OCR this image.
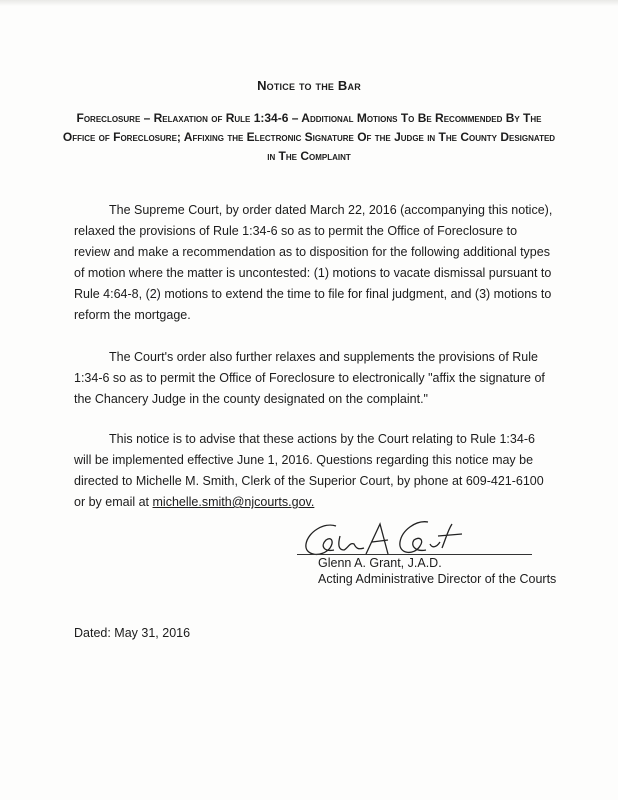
Notice to the Bar
Foreclosure – Relaxation of Rule 1:34-6 – Additional Motions To Be Recommended By The Office of Foreclosure; Affixing the Electronic Signature Of the Judge in The County Designated in The Complaint
The Supreme Court, by order dated March 22, 2016 (accompanying this notice), relaxed the provisions of Rule 1:34-6 so as to permit the Office of Foreclosure to review and make a recommendation as to disposition for the following additional types of motion where the matter is uncontested: (1) motions to vacate dismissal pursuant to Rule 4:64-8, (2) motions to extend the time to file for final judgment, and (3) motions to reform the mortgage.
The Court's order also further relaxes and supplements the provisions of Rule 1:34-6 so as to permit the Office of Foreclosure to electronically "affix the signature of the Chancery Judge in the county designated on the complaint."
This notice is to advise that these actions by the Court relating to Rule 1:34-6 will be implemented effective June 1, 2016. Questions regarding this notice may be directed to Michelle M. Smith, Clerk of the Superior Court, by phone at 609-421-6100 or by email at michelle.smith@njcourts.gov.
Glenn A. Grant, J.A.D.
Acting Administrative Director of the Courts
Dated: May 31, 2016
